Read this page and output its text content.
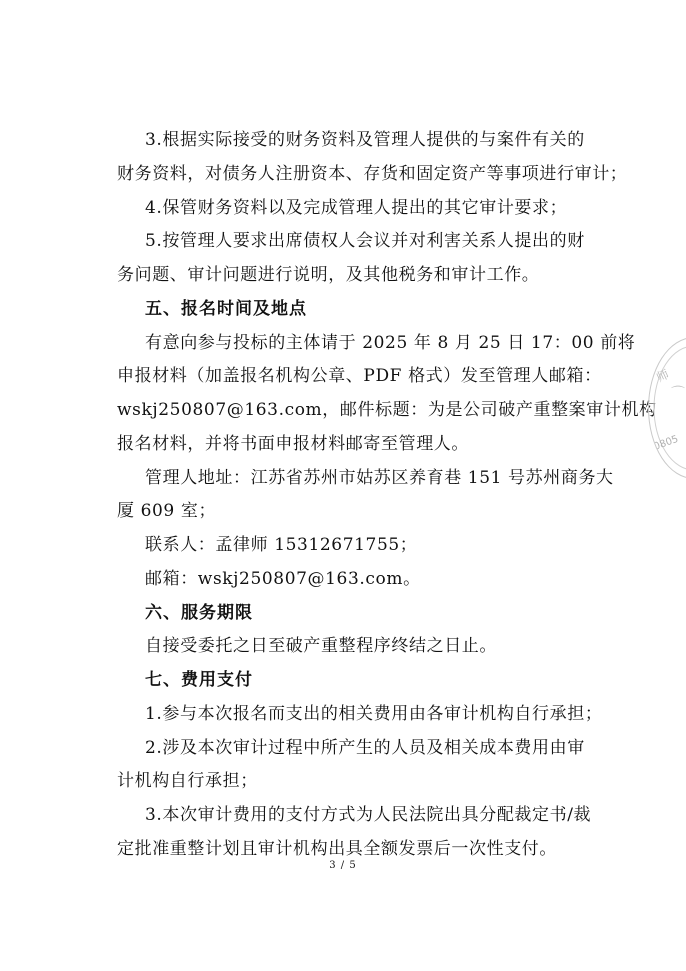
3.根据实际接受的财务资料及管理人提供的与案件有关的
财务资料，对债务人注册资本、存货和固定资产等事项进行审计；
4.保管财务资料以及完成管理人提出的其它审计要求；
5.按管理人要求出席债权人会议并对利害关系人提出的财
务问题、审计问题进行说明，及其他税务和审计工作。
五、报名时间及地点
有意向参与投标的主体请于 2025 年 8 月 25 日 17：00 前将
申报材料（加盖报名机构公章、PDF 格式）发至管理人邮箱：
wskj250807@163.com，邮件标题：为是公司破产重整案审计机构
报名材料，并将书面申报材料邮寄至管理人。
管理人地址：江苏省苏州市姑苏区养育巷 151 号苏州商务大
厦 609 室；
联系人：孟律师 15312671755；
邮箱：wskj250807@163.com。
六、服务期限
自接受委托之日至破产重整程序终结之日止。
七、费用支付
1.参与本次报名而支出的相关费用由各审计机构自行承担；
2.涉及本次审计过程中所产生的人员及相关成本费用由审
计机构自行承担；
3.本次审计费用的支付方式为人民法院出具分配裁定书/裁
定批准重整计划且审计机构出具全额发票后一次性支付。
3 / 5
师
⌒
0805
